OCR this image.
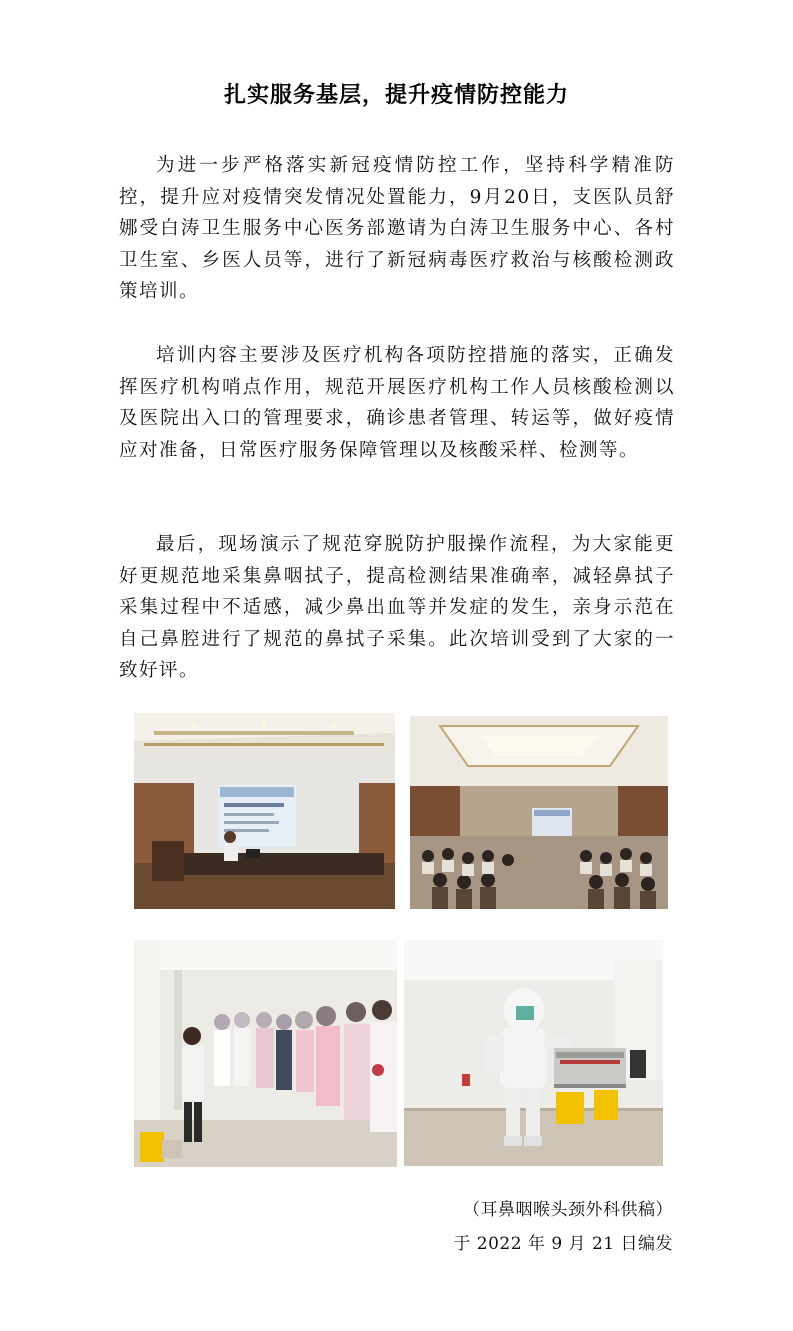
扎实服务基层，提升疫情防控能力

为进一步严格落实新冠疫情防控工作，坚持科学精准防控，提升应对疫情突发情况处置能力，9月20日，支医队员舒娜受白涛卫生服务中心医务部邀请为白涛卫生服务中心、各村卫生室、乡医人员等，进行了新冠病毒医疗救治与核酸检测政策培训。

培训内容主要涉及医疗机构各项防控措施的落实，正确发挥医疗机构哨点作用，规范开展医疗机构工作人员核酸检测以及医院出入口的管理要求，确诊患者管理、转运等，做好疫情应对准备，日常医疗服务保障管理以及核酸采样、检测等。

最后，现场演示了规范穿脱防护服操作流程，为大家能更好更规范地采集鼻咽拭子，提高检测结果准确率，减轻鼻拭子采集过程中不适感，减少鼻出血等并发症的发生，亲身示范在自己鼻腔进行了规范的鼻拭子采集。此次培训受到了大家的一致好评。

（耳鼻咽喉头颈外科供稿）
于 2022 年 9 月 21 日编发
